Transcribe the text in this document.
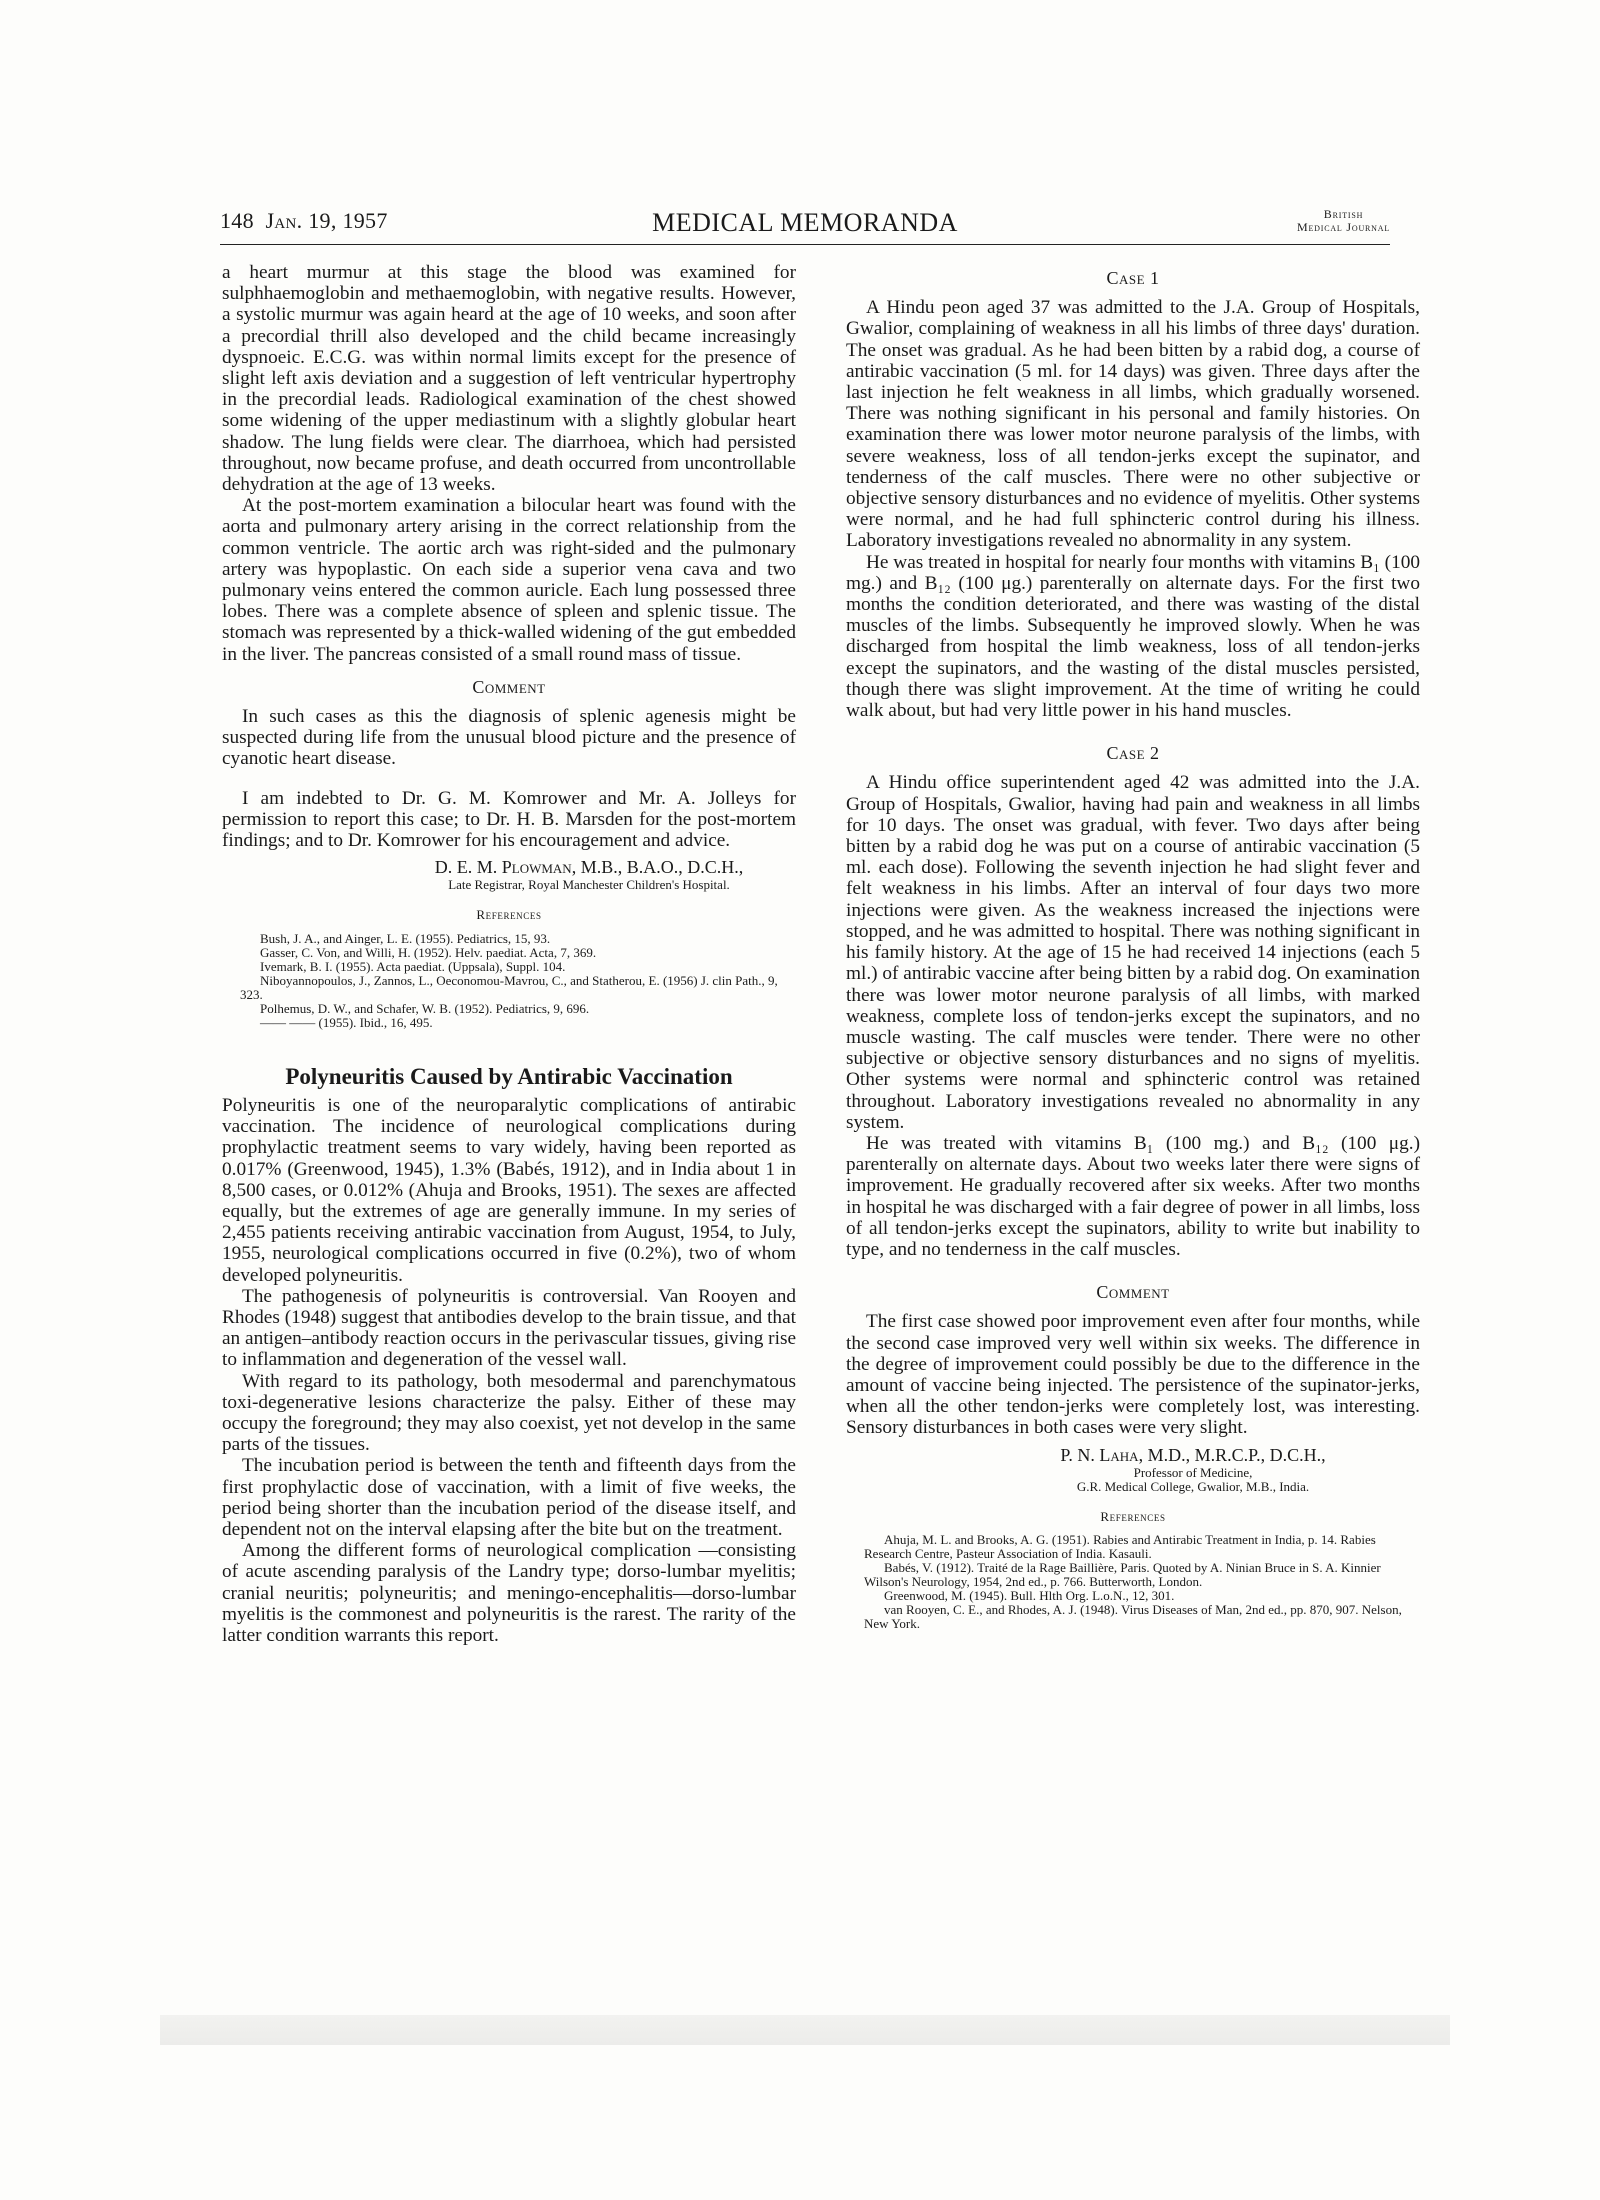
148 Jan. 19, 1957	MEDICAL MEMORANDA	British
Medical Journal

a heart murmur at this stage the blood was examined for sulphhaemoglobin and methaemoglobin, with negative results. However, a systolic murmur was again heard at the age of 10 weeks, and soon after a precordial thrill also developed and the child became increasingly dyspnoeic. E.C.G. was within normal limits except for the presence of slight left axis deviation and a suggestion of left ventricular hypertrophy in the precordial leads. Radiological examination of the chest showed some widening of the upper mediastinum with a slightly globular heart shadow. The lung fields were clear. The diarrhoea, which had persisted throughout, now became profuse, and death occurred from uncontrollable dehydration at the age of 13 weeks.

At the post-mortem examination a bilocular heart was found with the aorta and pulmonary artery arising in the correct relationship from the common ventricle. The aortic arch was right-sided and the pulmonary artery was hypoplastic. On each side a superior vena cava and two pulmonary veins entered the common auricle. Each lung possessed three lobes. There was a complete absence of spleen and splenic tissue. The stomach was represented by a thick-walled widening of the gut embedded in the liver. The pancreas consisted of a small round mass of tissue.

Comment

In such cases as this the diagnosis of splenic agenesis might be suspected during life from the unusual blood picture and the presence of cyanotic heart disease.

I am indebted to Dr. G. M. Komrower and Mr. A. Jolleys for permission to report this case; to Dr. H. B. Marsden for the post-mortem findings; and to Dr. Komrower for his encouragement and advice.

D. E. M. Plowman, M.B., B.A.O., D.C.H.,
Late Registrar, Royal Manchester Children's Hospital.
References

Bush, J. A., and Ainger, L. E. (1955). Pediatrics, 15, 93.

Gasser, C. Von, and Willi, H. (1952). Helv. paediat. Acta, 7, 369.

Ivemark, B. I. (1955). Acta paediat. (Uppsala), Suppl. 104.

Niboyannopoulos, J., Zannos, L., Oeconomou-Mavrou, C., and Statherou, E. (1956) J. clin Path., 9, 323.

Polhemus, D. W., and Schafer, W. B. (1952). Pediatrics, 9, 696.

—— —— (1955). Ibid., 16, 495.

Polyneuritis Caused by Antirabic Vaccination

Polyneuritis is one of the neuroparalytic complications of antirabic vaccination. The incidence of neurological complications during prophylactic treatment seems to vary widely, having been reported as 0.017% (Greenwood, 1945), 1.3% (Babés, 1912), and in India about 1 in 8,500 cases, or 0.012% (Ahuja and Brooks, 1951). The sexes are affected equally, but the extremes of age are generally immune. In my series of 2,455 patients receiving antirabic vaccination from August, 1954, to July, 1955, neurological complications occurred in five (0.2%), two of whom developed polyneuritis.

The pathogenesis of polyneuritis is controversial. Van Rooyen and Rhodes (1948) suggest that antibodies develop to the brain tissue, and that an antigen–antibody reaction occurs in the perivascular tissues, giving rise to inflammation and degeneration of the vessel wall.

With regard to its pathology, both mesodermal and parenchymatous toxi-degenerative lesions characterize the palsy. Either of these may occupy the foreground; they may also coexist, yet not develop in the same parts of the tissues.

The incubation period is between the tenth and fifteenth days from the first prophylactic dose of vaccination, with a limit of five weeks, the period being shorter than the incubation period of the disease itself, and dependent not on the interval elapsing after the bite but on the treatment.

Among the different forms of neurological complication —consisting of acute ascending paralysis of the Landry type; dorso-lumbar myelitis; cranial neuritis; polyneuritis; and meningo-encephalitis—dorso-lumbar myelitis is the commonest and polyneuritis is the rarest. The rarity of the latter condition warrants this report.

Case 1

A Hindu peon aged 37 was admitted to the J.A. Group of Hospitals, Gwalior, complaining of weakness in all his limbs of three days' duration. The onset was gradual. As he had been bitten by a rabid dog, a course of antirabic vaccination (5 ml. for 14 days) was given. Three days after the last injection he felt weakness in all limbs, which gradually worsened. There was nothing significant in his personal and family histories. On examination there was lower motor neurone paralysis of the limbs, with severe weakness, loss of all tendon-jerks except the supinator, and tenderness of the calf muscles. There were no other subjective or objective sensory disturbances and no evidence of myelitis. Other systems were normal, and he had full sphincteric control during his illness. Laboratory investigations revealed no abnormality in any system.

He was treated in hospital for nearly four months with vitamins B₁ (100 mg.) and B₁₂ (100 μg.) parenterally on alternate days. For the first two months the condition deteriorated, and there was wasting of the distal muscles of the limbs. Subsequently he improved slowly. When he was discharged from hospital the limb weakness, loss of all tendon-jerks except the supinators, and the wasting of the distal muscles persisted, though there was slight improvement. At the time of writing he could walk about, but had very little power in his hand muscles.

Case 2

A Hindu office superintendent aged 42 was admitted into the J.A. Group of Hospitals, Gwalior, having had pain and weakness in all limbs for 10 days. The onset was gradual, with fever. Two days after being bitten by a rabid dog he was put on a course of antirabic vaccination (5 ml. each dose). Following the seventh injection he had slight fever and felt weakness in his limbs. After an interval of four days two more injections were given. As the weakness increased the injections were stopped, and he was admitted to hospital. There was nothing significant in his family history. At the age of 15 he had received 14 injections (each 5 ml.) of antirabic vaccine after being bitten by a rabid dog. On examination there was lower motor neurone paralysis of all limbs, with marked weakness, complete loss of tendon-jerks except the supinators, and no muscle wasting. The calf muscles were tender. There were no other subjective or objective sensory disturbances and no signs of myelitis. Other systems were normal and sphincteric control was retained throughout. Laboratory investigations revealed no abnormality in any system.

He was treated with vitamins B₁ (100 mg.) and B₁₂ (100 μg.) parenterally on alternate days. About two weeks later there were signs of improvement. He gradually recovered after six weeks. After two months in hospital he was discharged with a fair degree of power in all limbs, loss of all tendon-jerks except the supinators, ability to write but inability to type, and no tenderness in the calf muscles.

Comment

The first case showed poor improvement even after four months, while the second case improved very well within six weeks. The difference in the degree of improvement could possibly be due to the difference in the amount of vaccine being injected. The persistence of the supinator-jerks, when all the other tendon-jerks were completely lost, was interesting. Sensory disturbances in both cases were very slight.

P. N. Laha, M.D., M.R.C.P., D.C.H.,
Professor of Medicine,
G.R. Medical College, Gwalior, M.B., India.
References

Ahuja, M. L. and Brooks, A. G. (1951). Rabies and Antirabic Treatment in India, p. 14. Rabies Research Centre, Pasteur Association of India. Kasauli.

Babés, V. (1912). Traité de la Rage Baillière, Paris. Quoted by A. Ninian Bruce in S. A. Kinnier Wilson's Neurology, 1954, 2nd ed., p. 766. Butterworth, London.

Greenwood, M. (1945). Bull. Hlth Org. L.o.N., 12, 301.

van Rooyen, C. E., and Rhodes, A. J. (1948). Virus Diseases of Man, 2nd ed., pp. 870, 907. Nelson, New York.
